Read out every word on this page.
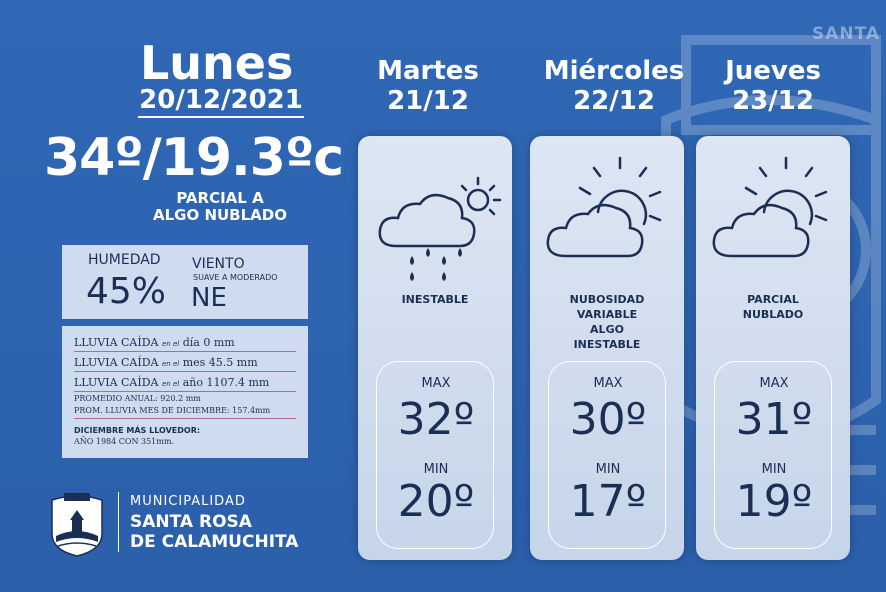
SANTA
Lunes
20/12/2021
34º/19.3ºc
PARCIAL A
ALGO NUBLADO
HUMEDAD
45%
VIENTO
SUAVE A MODERADO
NE
LLUVIA CAÍDA en el día 0 mm
LLUVIA CAÍDA en el mes 45.5 mm
LLUVIA CAÍDA en el año 1107.4 mm
PROMEDIO ANUAL: 920.2 mm
PROM. LLUVIA MES DE DICIEMBRE: 157.4mm
DICIEMBRE MÁS LLOVEDOR:
AÑO 1984 CON 351mm.
MUNICIPALIDAD
SANTA ROSA
DE CALAMUCHITA
Martes
21/12
INESTABLE
MAX
32º
MIN
20º
Miércoles
22/12
NUBOSIDAD
VARIABLE
ALGO
INESTABLE
MAX
30º
MIN
17º
Jueves
23/12
PARCIAL
NUBLADO
MAX
31º
MIN
19º
